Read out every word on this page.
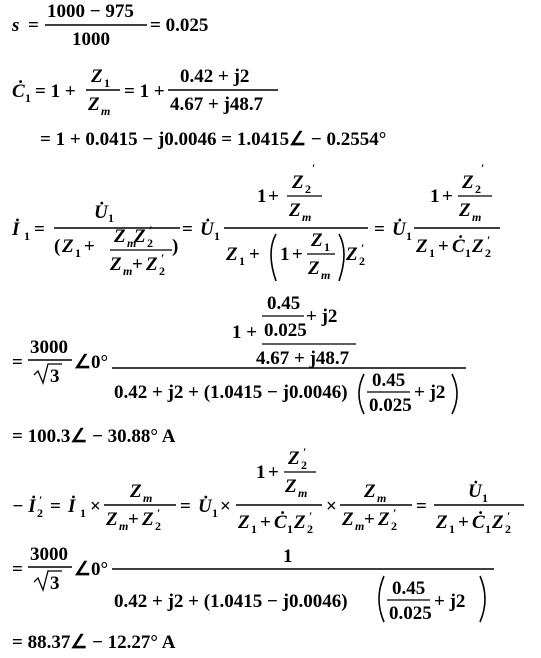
s =
1000 − 975
1000
= 0.025
Ċ 1 = 1 +
Z 1
Z m
= 1 +
0.42 + j2
4.67 + j48.7
= 1 + 0.0415 − j0.0046 = 1.0415∠ − 0.2554°
İ 1 =
U̇ 1
( Z 1 + Z m
Z 2
′
Z m + Z 2
′
)
= U̇ 1
1 +
Z 2
′
Z m
Z 1 + 1 +
Z 1
Z m
Z 2
′
= U̇ 1
1 +
Z 2
′
Z m
Z 1 + Ċ 1 Z 2
′
=
3000
3
∠0°
1 +
0.45
0.025
+ j2
4.67 + j48.7
0.42 + j2 + (1.0415 − j0.0046)
0.45
0.025
+ j2
= 100.3∠ − 30.88° A
− İ 2
′ = İ 1 ×
Z m
Z m + Z 2
′ = U̇ 1 ×
1 +
Z 2
′
Z m
Z 1 + Ċ 1 Z 2
′ ×
Z m
Z m + Z 2
′ =
U̇ 1
Z 1 + Ċ 1 Z 2
′
=
3000
3
∠0°
1
0.42 + j2 + (1.0415 − j0.0046)
0.45
0.025
+ j2
= 88.37∠ − 12.27° A
